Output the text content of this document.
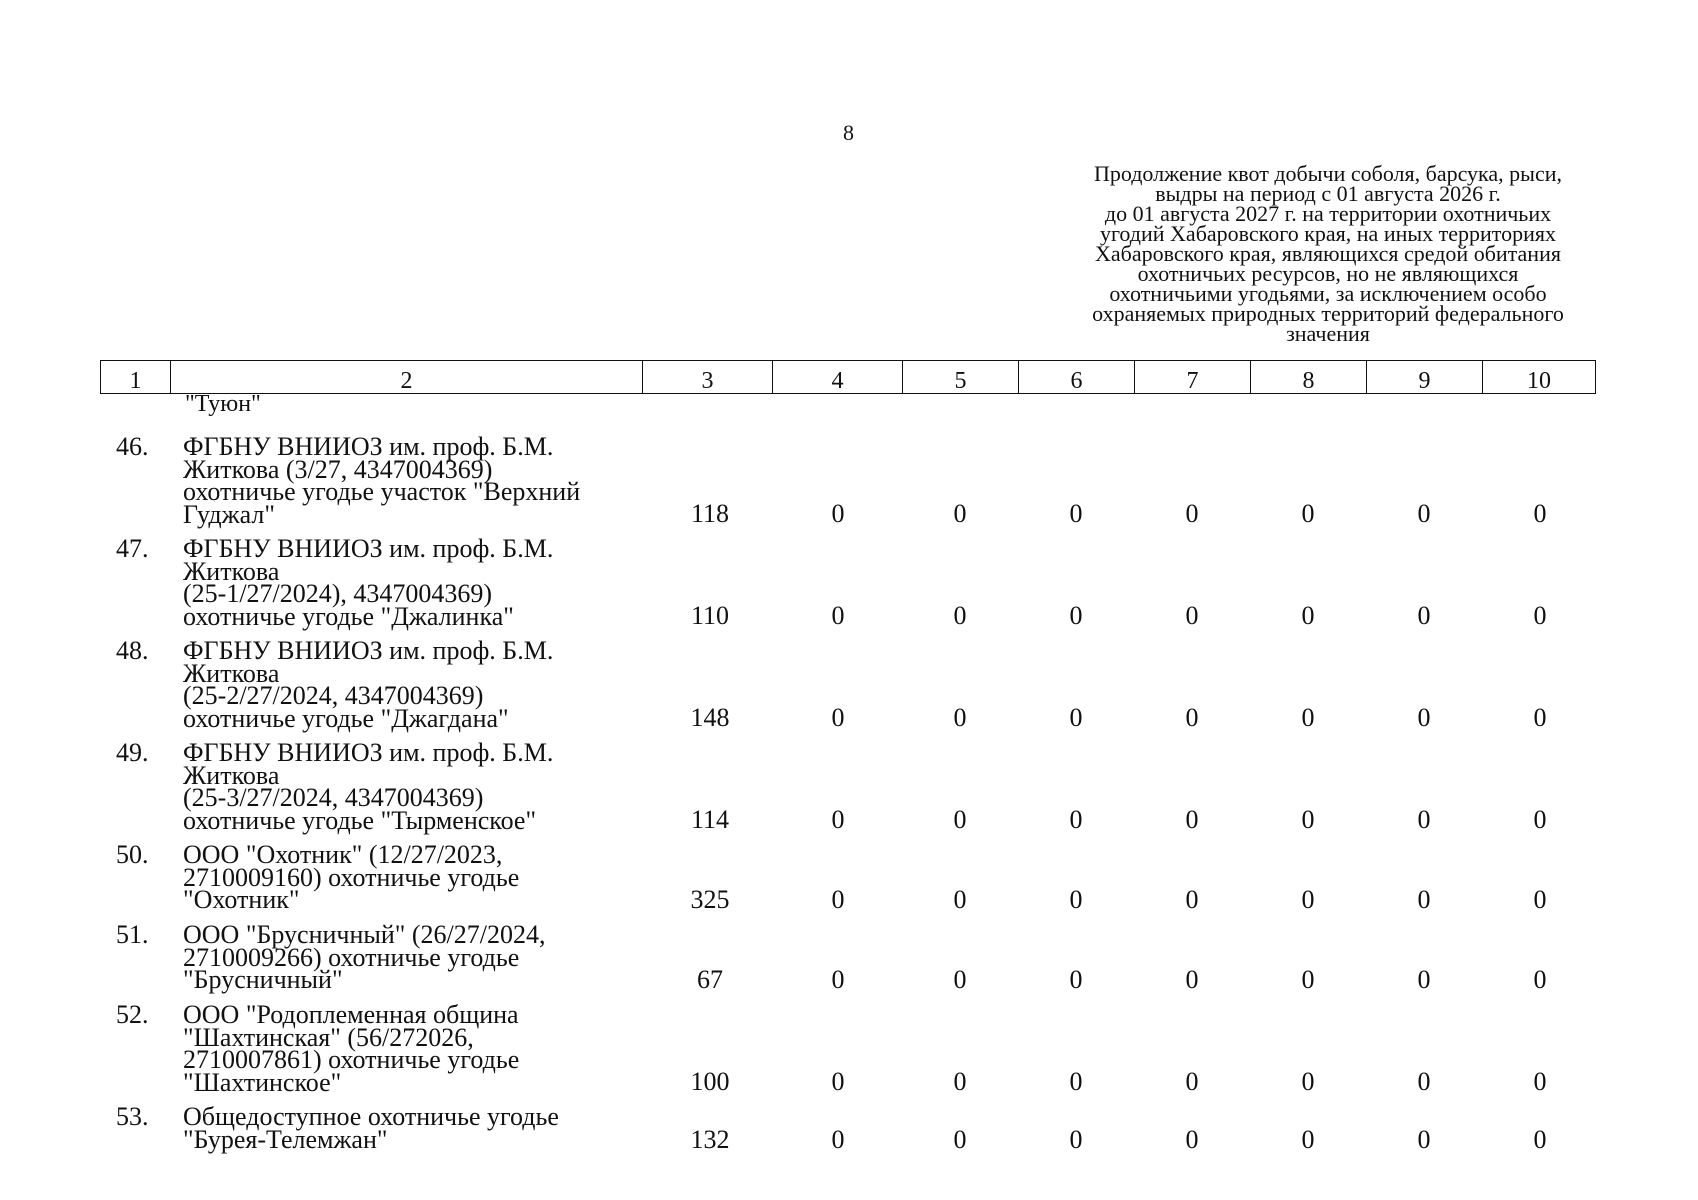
8
Продолжение квот добычи соболя, барсука, рыси,
выдры на период с 01 августа 2026 г.
до 01 августа 2027 г. на территории охотничьих
угодий Хабаровского края, на иных территориях
Хабаровского края, являющихся средой обитания
охотничьих ресурсов, но не являющихся
охотничьими угодьями, за исключением особо
охраняемых природных территорий федерального
значения
1	2	3	4	5	6	7	8	9	10
"Туюн"
46. ФГБНУ ВНИИОЗ им. проф. Б.М.
Житкова (3/27, 4347004369)
охотничье угодье участок "Верхний
Гуджал"	118	0	0	0	0	0	0	0
47. ФГБНУ ВНИИОЗ им. проф. Б.М.
Житкова
(25-1/27/2024), 4347004369)
охотничье угодье "Джалинка"	110	0	0	0	0	0	0	0
48. ФГБНУ ВНИИОЗ им. проф. Б.М.
Житкова
(25-2/27/2024, 4347004369)
охотничье угодье "Джагдана"	148	0	0	0	0	0	0	0
49. ФГБНУ ВНИИОЗ им. проф. Б.М.
Житкова
(25-3/27/2024, 4347004369)
охотничье угодье "Тырменское"	114	0	0	0	0	0	0	0
50. ООО "Охотник" (12/27/2023,
2710009160) охотничье угодье
"Охотник"	325	0	0	0	0	0	0	0
51. ООО "Брусничный" (26/27/2024,
2710009266) охотничье угодье
"Брусничный"	67	0	0	0	0	0	0	0
52. ООО "Родоплеменная община
"Шахтинская" (56/272026,
2710007861) охотничье угодье
"Шахтинское"	100	0	0	0	0	0	0	0
53. Общедоступное охотничье угодье
"Бурея-Телемжан"	132	0	0	0	0	0	0	0
